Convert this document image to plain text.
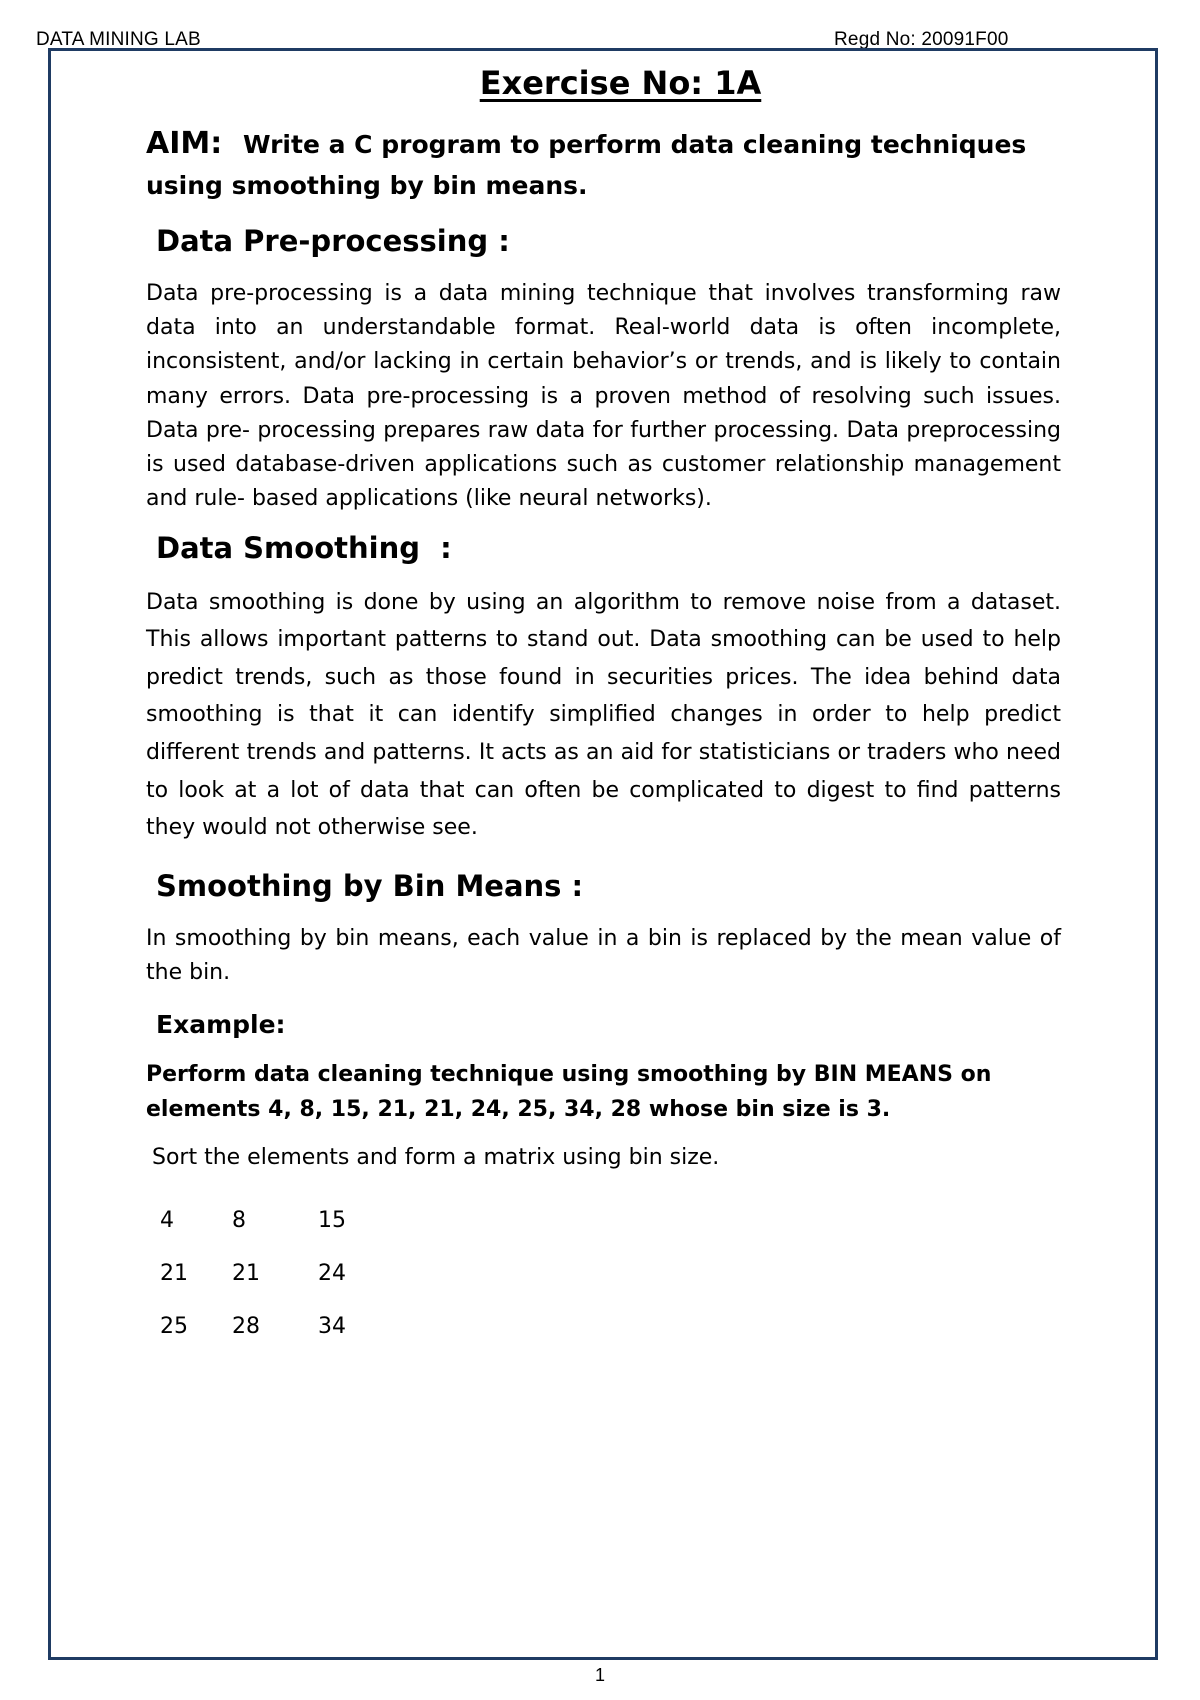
DATA MINING LAB	Regd No: 20091F00
Exercise No: 1A

AIM: Write a C program to perform data cleaning techniques using smoothing by bin means.

Data Pre-processing :

Data pre-processing is a data mining technique that involves transforming raw data into an understandable format. Real-world data is often incomplete, inconsistent, and/or lacking in certain behavior’s or trends, and is likely to contain many errors. Data pre-processing is a proven method of resolving such issues. Data pre- processing prepares raw data for further processing. Data preprocessing is used database-driven applications such as customer relationship management and rule- based applications (like neural networks).

Data Smoothing  :

Data smoothing is done by using an algorithm to remove noise from a dataset. This allows important patterns to stand out. Data smoothing can be used to help predict trends, such as those found in securities prices. The idea behind data smoothing is that it can identify simplified changes in order to help predict different trends and patterns. It acts as an aid for statisticians or traders who need to look at a lot of data that can often be complicated to digest to find patterns they would not otherwise see.

Smoothing by Bin Means :

In smoothing by bin means, each value in a bin is replaced by the mean value of the bin.

Example:

Perform data cleaning technique using smoothing by BIN MEANS on elements 4, 8, 15, 21, 21, 24, 25, 34, 28 whose bin size is 3.

Sort the elements and form a matrix using bin size.

4	8	15
21	21	24
25	28	34
1
